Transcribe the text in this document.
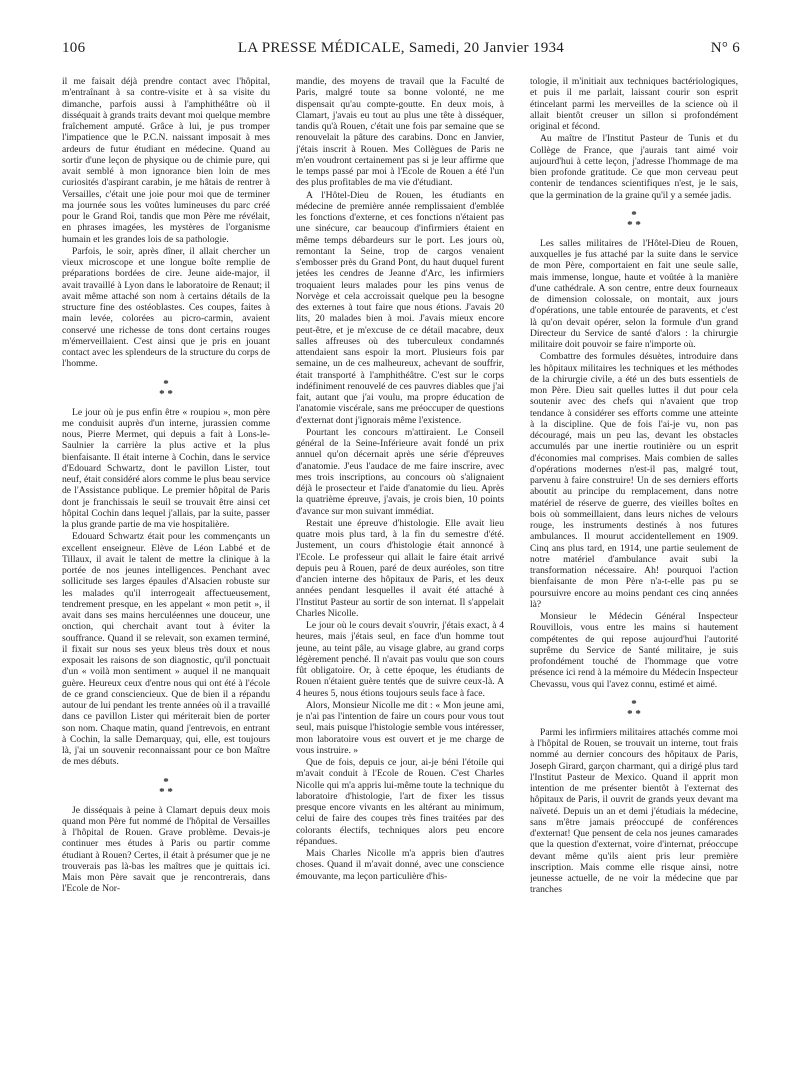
106	LA PRESSE MÉDICALE, Samedi, 20 Janvier 1934	N° 6

il me faisait déjà prendre contact avec l'hôpital, m'entraînant à sa contre-visite et à sa visite du dimanche, parfois aussi à l'amphithéâtre où il disséquait à grands traits devant moi quelque membre fraîchement amputé. Grâce à lui, je pus tromper l'impatience que le P.C.N. naissant imposait à mes ardeurs de futur étudiant en médecine. Quand au sortir d'une leçon de physique ou de chimie pure, qui avait semblé à mon ignorance bien loin de mes curiosités d'aspirant carabin, je me hâtais de rentrer à Versailles, c'était une joie pour moi que de terminer ma journée sous les voûtes lumineuses du parc créé pour le Grand Roi, tandis que mon Père me révélait, en phrases imagées, les mystères de l'organisme humain et les grandes lois de sa pathologie.

Parfois, le soir, après dîner, il allait chercher un vieux microscope et une longue boîte remplie de préparations bordées de cire. Jeune aide-major, il avait travaillé à Lyon dans le laboratoire de Renaut; il avait même attaché son nom à certains détails de la structure fine des ostéoblastes. Ces coupes, faites à main levée, colorées au picro-carmin, avaient conservé une richesse de tons dont certains rouges m'émerveillaient. C'est ainsi que je pris en jouant contact avec les splendeurs de la structure du corps de l'homme.

*
* *

Le jour où je pus enfin être « roupiou », mon père me conduisit auprès d'un interne, jurassien comme nous, Pierre Mermet, qui depuis a fait à Lons-le-Saulnier la carrière la plus active et la plus bienfaisante. Il était interne à Cochin, dans le service d'Edouard Schwartz, dont le pavillon Lister, tout neuf, était considéré alors comme le plus beau service de l'Assistance publique. Le premier hôpital de Paris dont je franchissais le seuil se trouvait être ainsi cet hôpital Cochin dans lequel j'allais, par la suite, passer la plus grande partie de ma vie hospitalière.

Edouard Schwartz était pour les commençants un excellent enseigneur. Elève de Léon Labbé et de Tillaux, il avait le talent de mettre la clinique à la portée de nos jeunes intelligences. Penchant avec sollicitude ses larges épaules d'Alsacien robuste sur les malades qu'il interrogeait affectueusement, tendrement presque, en les appelant « mon petit », il avait dans ses mains herculéennes une douceur, une onction, qui cherchait avant tout à éviter la souffrance. Quand il se relevait, son examen terminé, il fixait sur nous ses yeux bleus très doux et nous exposait les raisons de son diagnostic, qu'il ponctuait d'un « voilà mon sentiment » auquel il ne manquait guère. Heureux ceux d'entre nous qui ont été à l'école de ce grand consciencieux. Que de bien il a répandu autour de lui pendant les trente années où il a travaillé dans ce pavillon Lister qui mériterait bien de porter son nom. Chaque matin, quand j'entrevois, en entrant à Cochin, la salle Demarquay, qui, elle, est toujours là, j'ai un souvenir reconnaissant pour ce bon Maître de mes débuts.

*
* *

Je disséquais à peine à Clamart depuis deux mois quand mon Père fut nommé de l'hôpital de Versailles à l'hôpital de Rouen. Grave problème. Devais-je continuer mes études à Paris ou partir comme étudiant à Rouen? Certes, il était à présumer que je ne trouverais pas là-bas les maîtres que je quittais ici. Mais mon Père savait que je rencontrerais, dans l'Ecole de Nor-

mandie, des moyens de travail que la Faculté de Paris, malgré toute sa bonne volonté, ne me dispensait qu'au compte-goutte. En deux mois, à Clamart, j'avais eu tout au plus une tête à disséquer, tandis qu'à Rouen, c'était une fois par semaine que se renouvelait la pâture des carabins. Donc en Janvier, j'étais inscrit à Rouen. Mes Collègues de Paris ne m'en voudront certainement pas si je leur affirme que le temps passé par moi à l'Ecole de Rouen a été l'un des plus profitables de ma vie d'étudiant.

A l'Hôtel-Dieu de Rouen, les étudiants en médecine de première année remplissaient d'emblée les fonctions d'externe, et ces fonctions n'étaient pas une sinécure, car beaucoup d'infirmiers étaient en même temps débardeurs sur le port. Les jours où, remontant la Seine, trop de cargos venaient s'embosser près du Grand Pont, du haut duquel furent jetées les cendres de Jeanne d'Arc, les infirmiers troquaient leurs malades pour les pins venus de Norvège et cela accroissait quelque peu la besogne des externes à tout faire que nous étions. J'avais 20 lits, 20 malades bien à moi. J'avais mieux encore peut-être, et je m'excuse de ce détail macabre, deux salles affreuses où des tuberculeux condamnés attendaient sans espoir la mort. Plusieurs fois par semaine, un de ces malheureux, achevant de souffrir, était transporté à l'amphithéâtre. C'est sur le corps indéfiniment renouvelé de ces pauvres diables que j'ai fait, autant que j'ai voulu, ma propre éducation de l'anatomie viscérale, sans me préoccuper de questions d'externat dont j'ignorais même l'existence.

Pourtant les concours m'attiraient. Le Conseil général de la Seine-Inférieure avait fondé un prix annuel qu'on décernait après une série d'épreuves d'anatomie. J'eus l'audace de me faire inscrire, avec mes trois inscriptions, au concours où s'alignaient déjà le prosecteur et l'aide d'anatomie du lieu. Après la quatrième épreuve, j'avais, je crois bien, 10 points d'avance sur mon suivant immédiat.

Restait une épreuve d'histologie. Elle avait lieu quatre mois plus tard, à la fin du semestre d'été. Justement, un cours d'histologie était annoncé à l'Ecole. Le professeur qui allait le faire était arrivé depuis peu à Rouen, paré de deux auréoles, son titre d'ancien interne des hôpitaux de Paris, et les deux années pendant lesquelles il avait été attaché à l'Institut Pasteur au sortir de son internat. Il s'appelait Charles Nicolle.

Le jour où le cours devait s'ouvrir, j'étais exact, à 4 heures, mais j'étais seul, en face d'un homme tout jeune, au teint pâle, au visage glabre, au grand corps légèrement penché. Il n'avait pas voulu que son cours fût obligatoire. Or, à cette époque, les étudiants de Rouen n'étaient guère tentés que de suivre ceux-là. A 4 heures 5, nous étions toujours seuls face à face.

Alors, Monsieur Nicolle me dit : « Mon jeune ami, je n'ai pas l'intention de faire un cours pour vous tout seul, mais puisque l'histologie semble vous intéresser, mon laboratoire vous est ouvert et je me charge de vous instruire. »

Que de fois, depuis ce jour, ai-je béni l'étoile qui m'avait conduit à l'Ecole de Rouen. C'est Charles Nicolle qui m'a appris lui-même toute la technique du laboratoire d'histologie, l'art de fixer les tissus presque encore vivants en les altérant au minimum, celui de faire des coupes très fines traitées par des colorants électifs, techniques alors peu encore répandues.

Mais Charles Nicolle m'a appris bien d'autres choses. Quand il m'avait donné, avec une conscience émouvante, ma leçon particulière d'his-

tologie, il m'initiait aux techniques bactériologiques, et puis il me parlait, laissant courir son esprit étincelant parmi les merveilles de la science où il allait bientôt creuser un sillon si profondément original et fécond.

Au maître de l'Institut Pasteur de Tunis et du Collège de France, que j'aurais tant aimé voir aujourd'hui à cette leçon, j'adresse l'hommage de ma bien profonde gratitude. Ce que mon cerveau peut contenir de tendances scientifiques n'est, je le sais, que la germination de la graine qu'il y a semée jadis.

*
* *

Les salles militaires de l'Hôtel-Dieu de Rouen, auxquelles je fus attaché par la suite dans le service de mon Père, comportaient en fait une seule salle, mais immense, longue, haute et voûtée à la manière d'une cathédrale. A son centre, entre deux fourneaux de dimension colossale, on montait, aux jours d'opérations, une table entourée de paravents, et c'est là qu'on devait opérer, selon la formule d'un grand Directeur du Service de santé d'alors : la chirurgie militaire doit pouvoir se faire n'importe où.

Combattre des formules désuètes, introduire dans les hôpitaux militaires les techniques et les méthodes de la chirurgie civile, a été un des buts essentiels de mon Père. Dieu sait quelles luttes il dut pour cela soutenir avec des chefs qui n'avaient que trop tendance à considérer ses efforts comme une atteinte à la discipline. Que de fois l'ai-je vu, non pas découragé, mais un peu las, devant les obstacles accumulés par une inertie routinière ou un esprit d'économies mal comprises. Mais combien de salles d'opérations modernes n'est-il pas, malgré tout, parvenu à faire construire! Un de ses derniers efforts aboutit au principe du remplacement, dans notre matériel de réserve de guerre, des vieilles boîtes en bois où sommeillaient, dans leurs niches de velours rouge, les instruments destinés à nos futures ambulances. Il mourut accidentellement en 1909. Cinq ans plus tard, en 1914, une partie seulement de notre matériel d'ambulance avait subi la transformation nécessaire. Ah! pourquoi l'action bienfaisante de mon Père n'a-t-elle pas pu se poursuivre encore au moins pendant ces cinq années là?

Monsieur le Médecin Général Inspecteur Rouvillois, vous entre les mains si hautement compétentes de qui repose aujourd'hui l'autorité suprême du Service de Santé militaire, je suis profondément touché de l'hommage que votre présence ici rend à la mémoire du Médecin Inspecteur Chevassu, vous qui l'avez connu, estimé et aimé.

*
* *

Parmi les infirmiers militaires attachés comme moi à l'hôpital de Rouen, se trouvait un interne, tout frais nommé au dernier concours des hôpitaux de Paris, Joseph Girard, garçon charmant, qui a dirigé plus tard l'Institut Pasteur de Mexico. Quand il apprit mon intention de me présenter bientôt à l'externat des hôpitaux de Paris, il ouvrit de grands yeux devant ma naïveté. Depuis un an et demi j'étudiais la médecine, sans m'être jamais préoccupé de conférences d'externat! Que pensent de cela nos jeunes camarades que la question d'externat, voire d'internat, préoccupe devant même qu'ils aient pris leur première inscription. Mais comme elle risque ainsi, notre jeunesse actuelle, de ne voir la médecine que par tranches
